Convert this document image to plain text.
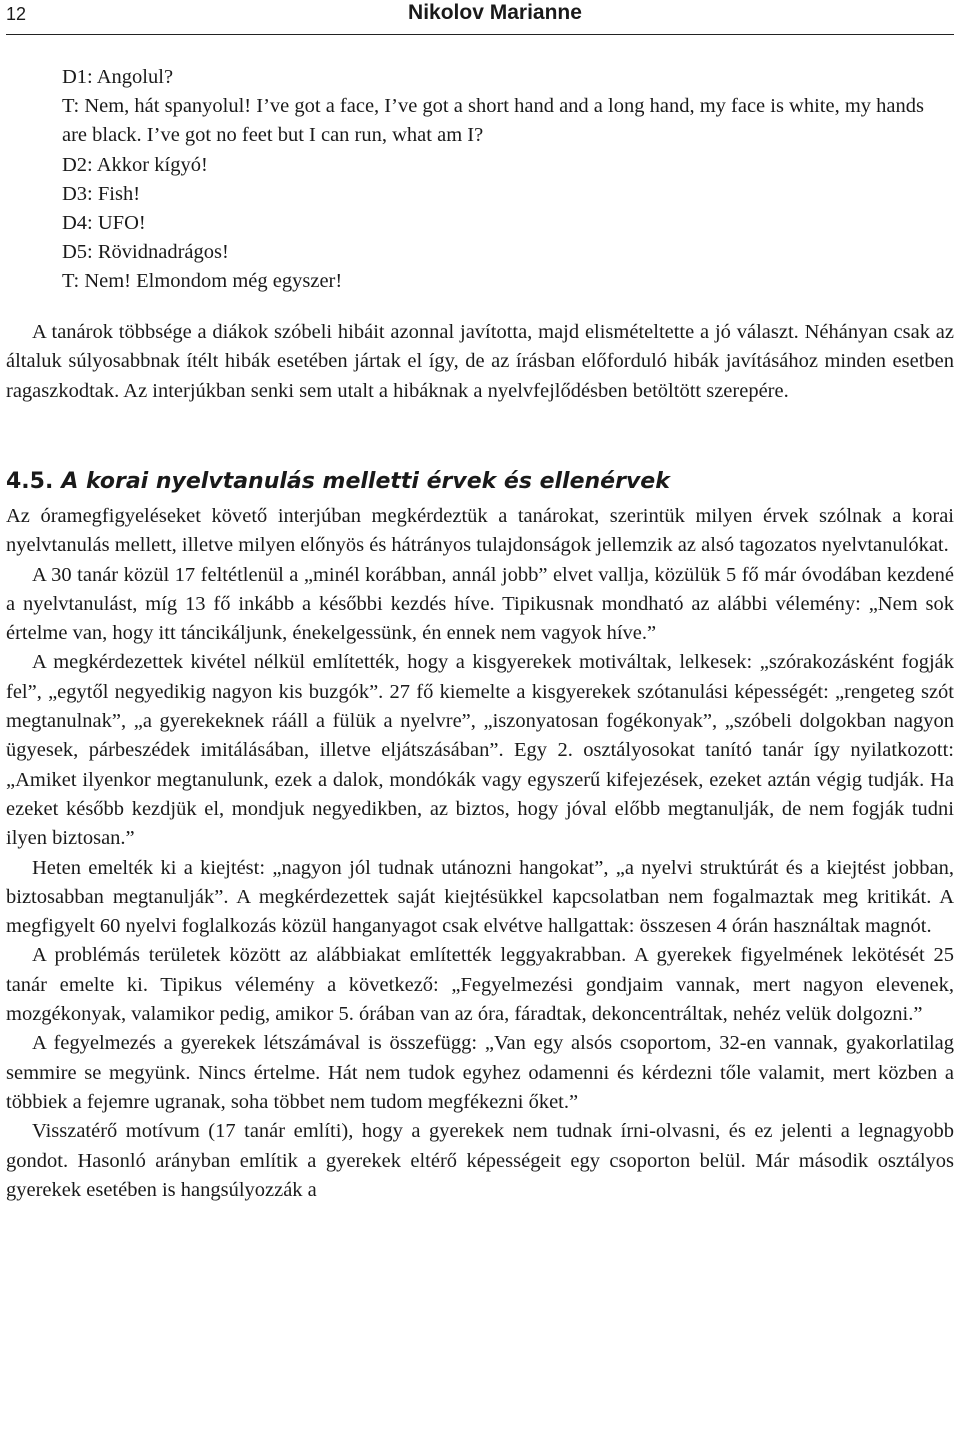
12	Nikolov Marianne

D1: Angolul?

T: Nem, hát spanyolul! I’ve got a face, I’ve got a short hand and a long hand, my face is white, my hands are black. I’ve got no feet but I can run, what am I?

D2: Akkor kígyó!

D3: Fish!

D4: UFO!

D5: Rövidnadrágos!

T: Nem! Elmondom még egyszer!

A tanárok többsége a diákok szóbeli hibáit azonnal javította, majd elismételtette a jó választ. Néhányan csak az általuk súlyosabbnak ítélt hibák esetében jártak el így, de az írásban előforduló hibák javításához minden esetben ragaszkodtak. Az interjúkban senki sem utalt a hibáknak a nyelvfejlődésben betöltött szerepére.

4.5. A korai nyelvtanulás melletti érvek és ellenérvek

Az óramegfigyeléseket követő interjúban megkérdeztük a tanárokat, szerintük milyen érvek szólnak a korai nyelvtanulás mellett, illetve milyen előnyös és hátrányos tulajdonságok jellemzik az alsó tagozatos nyelvtanulókat.

A 30 tanár közül 17 feltétlenül a „minél korábban, annál jobb” elvet vallja, közülük 5 fő már óvodában kezdené a nyelvtanulást, míg 13 fő inkább a későbbi kezdés híve. Tipikusnak mondható az alábbi vélemény: „Nem sok értelme van, hogy itt táncikáljunk, énekelgessünk, én ennek nem vagyok híve.”

A megkérdezettek kivétel nélkül említették, hogy a kisgyerekek motiváltak, lelkesek: „szórakozásként fogják fel”, „egytől negyedikig nagyon kis buzgók”. 27 fő kiemelte a kisgyerekek szótanulási képességét: „rengeteg szót megtanulnak”, „a gyerekeknek rááll a fülük a nyelvre”, „iszonyatosan fogékonyak”, „szóbeli dolgokban nagyon ügyesek, párbeszédek imitálásában, illetve eljátszásában”. Egy 2. osztályosokat tanító tanár így nyilatkozott: „Amiket ilyenkor megtanulunk, ezek a dalok, mondókák vagy egyszerű kifejezések, ezeket aztán végig tudják. Ha ezeket később kezdjük el, mondjuk negyedikben, az biztos, hogy jóval előbb megtanulják, de nem fogják tudni ilyen biztosan.”

Heten emelték ki a kiejtést: „nagyon jól tudnak utánozni hangokat”, „a nyelvi struktúrát és a kiejtést jobban, biztosabban megtanulják”. A megkérdezettek saját kiejtésükkel kapcsolatban nem fogalmaztak meg kritikát. A megfigyelt 60 nyelvi foglalkozás közül hanganyagot csak elvétve hallgattak: összesen 4 órán használtak magnót.

A problémás területek között az alábbiakat említették leggyakrabban. A gyerekek figyelmének lekötését 25 tanár emelte ki. Tipikus vélemény a következő: „Fegyelmezési gondjaim vannak, mert nagyon elevenek, mozgékonyak, valamikor pedig, amikor 5. órában van az óra, fáradtak, dekoncentráltak, nehéz velük dolgozni.”

A fegyelmezés a gyerekek létszámával is összefügg: „Van egy alsós csoportom, 32-en vannak, gyakorlatilag semmire se megyünk. Nincs értelme. Hát nem tudok egyhez odamenni és kérdezni tőle valamit, mert közben a többiek a fejemre ugranak, soha többet nem tudom megfékezni őket.”

Visszatérő motívum (17 tanár említi), hogy a gyerekek nem tudnak írni-olvasni, és ez jelenti a legnagyobb gondot. Hasonló arányban említik a gyerekek eltérő képességeit egy csoporton belül. Már második osztályos gyerekek esetében is hangsúlyozzák a
